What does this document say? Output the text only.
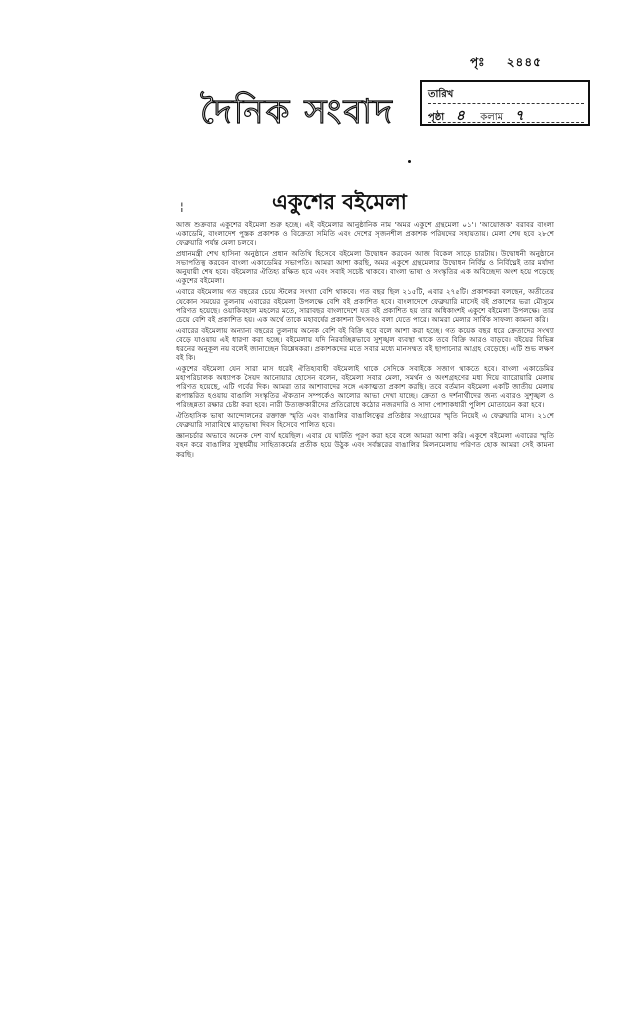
পৃঃ ২৪৪৫
দৈনিক সংবাদ	তারিখ
পৃষ্ঠা ৪ কলাম ৭
¦	একুশের বইমেলা

আজ শুক্রবার একুশের বইমেলা শুরু হচ্ছে। এই বইমেলার আনুষ্ঠানিক নাম 'অমর একুশে গ্রন্থমেলা ০১'। 'আয়োজক' বরাবর বাংলা একাডেমি, বাংলাদেশ পুস্তক প্রকাশক ও বিক্রেতা সমিতি এবং দেশের সৃজনশীল প্রকাশক পরিষদের সহায়তায়। মেলা শেষ হবে ২৮শে ফেব্রুয়ারি পর্যন্ত মেলা চলবে।

প্রধানমন্ত্রী শেখ হাসিনা অনুষ্ঠানে প্রধান অতিথি হিসেবে বইমেলা উদ্বোধন করবেন আজ বিকেল সাড়ে চারটায়। উদ্বোধনী অনুষ্ঠানে সভাপতিত্ব করবেন বাংলা একাডেমির সভাপতি। আমরা আশা করছি, অমর একুশে গ্রন্থমেলার উদ্বোধন নির্বিঘ্ন ও নির্বিঘ্নেই তার মর্যাদা অনুযায়ী শেষ হবে। বইমেলার ঐতিহ্য রক্ষিত হবে এবং সবাই সচেষ্ট থাকবে। বাংলা ভাষা ও সংস্কৃতির এক অবিচ্ছেদ্য অংশ হয়ে পড়েছে একুশের বইমেলা।

এবারে বইমেলায় গত বছরের চেয়ে স্টলের সংখ্যা বেশি থাকবে। গত বছর ছিল ২১৫টি, এবার ২৭৫টি। প্রকাশকরা বলছেন, অতীতের যেকোন সময়ের তুলনায় এবারের বইমেলা উপলক্ষে বেশি বই প্রকাশিত হবে। বাংলাদেশে ফেব্রুয়ারি মাসেই বই প্রকাশের ভরা মৌসুমে পরিণত হয়েছে। ওয়াকিবহাল মহলের মতে, সারাবছর বাংলাদেশে যত বই প্রকাশিত হয় তার অধিকাংশই একুশে বইমেলা উপলক্ষে। তার চেয়ে বেশি বই প্রকাশিত হয়। এক অর্থে তাকে মহাবর্ষের প্রকাশনা উৎসবও বলা যেতে পারে। আমরা মেলার সার্বিক সাফল্য কামনা করি।

এবারের বইমেলায় অন্যান্য বছরের তুলনায় অনেক বেশি বই বিক্রি হবে বলে আশা করা হচ্ছে। গত কয়েক বছর ধরে ক্রেতাদের সংখ্যা বেড়ে যাওয়ায় এই ধারণা করা হচ্ছে। বইমেলায় যদি নিরবচ্ছিন্নভাবে সুশৃঙ্খল ব্যবস্থা থাকে তবে বিক্রি আরও বাড়বে। বইয়ের বিভিন্ন ধরনের অনুকূল নয় বলেই জানাচ্ছেন বিশ্লেষকরা। প্রকাশকদের মতে সবার মধ্যে মানসম্মত বই ছাপানোর আগ্রহ বেড়েছে। এটি শুভ লক্ষণ বই কি।

একুশের বইমেলা যেন সারা মাস ধরেই ঐতিহ্যবাহী বইমেলাই থাকে সেদিকে সবাইকে সজাগ থাকতে হবে। বাংলা একাডেমির মহাপরিচালক অধ্যাপক সৈয়দ আনোয়ার হোসেন বলেন, বইমেলা সবার মেলা, সমর্থন ও অংশগ্রহণের মধ্য দিয়ে ব্যারোয়ারি মেলায় পরিণত হয়েছে, এটি গর্বের দিক। আমরা তার আশাবাদের সঙ্গে একাত্মতা প্রকাশ করছি। তবে বর্তমান বইমেলা একটি জাতীয় মেলায় রূপান্তরিত হওয়ায় বাঙালি সংস্কৃতির ঐকতান সম্পর্কেও আলোর আভা দেখা যাচ্ছে। ক্রেতা ও দর্শনার্থীদের জন্য এবারও সুশৃঙ্খল ও পরিচ্ছন্নতা রক্ষার চেষ্টা করা হবে। নারী উত্যক্তকারীদের প্রতিরোধে কঠোর নজরদারি ও সাদা পোশাকধারী পুলিশ মোতায়েন করা হবে।

ঐতিহাসিক ভাষা আন্দোলনের রক্তাক্ত স্মৃতি এবং বাঙালির বাঙালিত্বের প্রতিষ্ঠার সংগ্রামের স্মৃতি নিয়েই এ ফেব্রুয়ারি মাস। ২১শে ফেব্রুয়ারি সারাবিশ্বে মাতৃভাষা দিবস হিসেবে পালিত হবে।

জ্ঞানচর্চার অভাবে অনেক দেশ ব্যর্থ হয়েছিল। এবার যে ঘাটতি পূরণ করা হবে বলে আমরা আশা করি। একুশে বইমেলা এবারের স্মৃতি বহন করে বাঙালির সুস্থধর্মীয় সাহিত্যকর্মের প্রতীক হয়ে উঠুক এবং সর্বস্তরের বাঙালির মিলনমেলায় পরিণত হোক আমরা সেই কামনা করছি।
